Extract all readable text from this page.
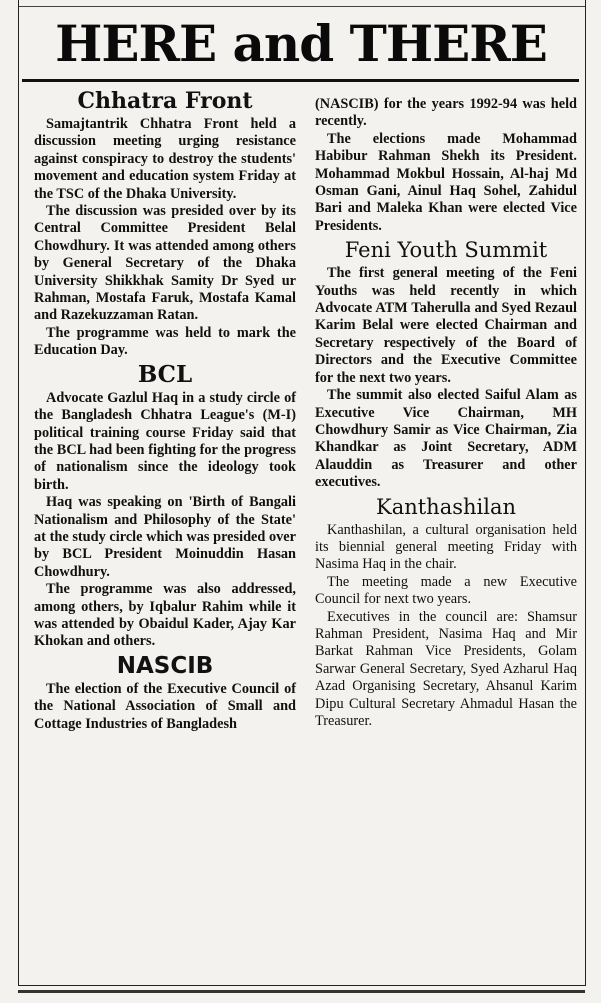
HERE and THERE
Chhatra Front

Samajtantrik Chhatra Front held a discussion meeting urging resistance against conspiracy to destroy the students' movement and education system Friday at the TSC of the Dhaka University.

The discussion was presided over by its Central Committee President Belal Chowdhury. It was attended among others by General Secretary of the Dhaka University Shikkhak Samity Dr Syed ur Rahman, Mostafa Faruk, Mostafa Kamal and Razekuzzaman Ratan.

The programme was held to mark the Education Day.

BCL

Advocate Gazlul Haq in a study circle of the Bangladesh Chhatra League's (M-I) political training course Friday said that the BCL had been fighting for the progress of nationalism since the ideology took birth.

Haq was speaking on 'Birth of Bangali Nationalism and Philosophy of the State' at the study circle which was presided over by BCL President Moinuddin Hasan Chowdhury.

The programme was also addressed, among others, by Iqbalur Rahim while it was attended by Obaidul Kader, Ajay Kar Khokan and others.

NASCIB

The election of the Executive Council of the National Association of Small and Cottage Industries of Bangladesh

(NASCIB) for the years 1992-94 was held recently.

The elections made Mohammad Habibur Rahman Shekh its President. Mohammad Mokbul Hossain, Al-haj Md Osman Gani, Ainul Haq Sohel, Zahidul Bari and Maleka Khan were elected Vice Presidents.

Feni Youth Summit

The first general meeting of the Feni Youths was held recently in which Advocate ATM Taherulla and Syed Rezaul Karim Belal were elected Chairman and Secretary respectively of the Board of Directors and the Executive Committee for the next two years.

The summit also elected Saiful Alam as Executive Vice Chairman, MH Chowdhury Samir as Vice Chairman, Zia Khandkar as Joint Secretary, ADM Alauddin as Treasurer and other executives.

Kanthashilan

Kanthashilan, a cultural organisation held its biennial general meeting Friday with Nasima Haq in the chair.

The meeting made a new Executive Council for next two years.

Executives in the council are: Shamsur Rahman President, Nasima Haq and Mir Barkat Rahman Vice Presidents, Golam Sarwar General Secretary, Syed Azharul Haq Azad Organising Secretary, Ahsanul Karim Dipu Cultural Secretary Ahmadul Hasan the Treasurer.
